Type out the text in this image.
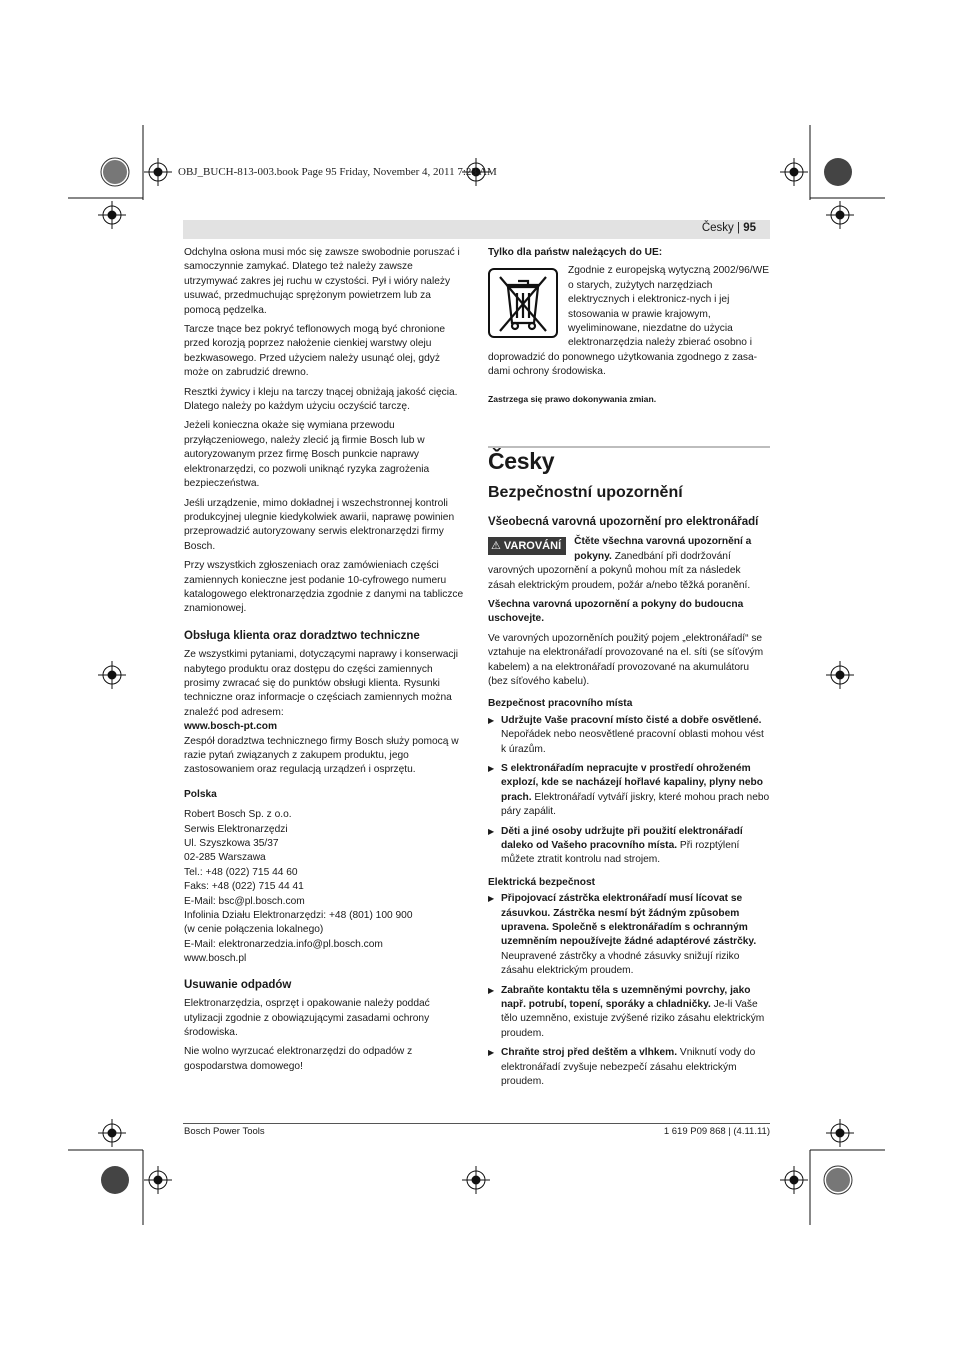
OBJ_BUCH-813-003.book Page 95 Friday, November 4, 2011 7:23 AM
Česky | 95

Odchylna osłona musi móc się zawsze swobodnie poruszać i samoczynnie zamykać. Dlatego też należy zawsze utrzymywać zakres jej ruchu w czystości. Pył i wióry należy usuwać, przedmuchując sprężonym powietrzem lub za pomocą pędzelka.

Tarcze tnące bez pokryć teflonowych mogą być chronione przed korozją poprzez nałożenie cienkiej warstwy oleju bezkwasowego. Przed użyciem należy usunąć olej, gdyż może on zabrudzić drewno.

Resztki żywicy i kleju na tarczy tnącej obniżają jakość cięcia. Dlatego należy po każdym użyciu oczyścić tarczę.

Jeżeli konieczna okaże się wymiana przewodu przyłączeniowego, należy zlecić ją firmie Bosch lub w autoryzowanym przez firmę Bosch punkcie naprawy elektronarzędzi, co pozwoli uniknąć ryzyka zagrożenia bezpieczeństwa.

Jeśli urządzenie, mimo dokładnej i wszechstronnej kontroli produkcyjnej ulegnie kiedykolwiek awarii, naprawę powinien przeprowadzić autoryzowany serwis elektronarzędzi firmy Bosch.

Przy wszystkich zgłoszeniach oraz zamówieniach części zamiennych konieczne jest podanie 10-cyfrowego numeru katalogowego elektronarzędzia zgodnie z danymi na tabliczce znamionowej.

Obsługa klienta oraz doradztwo techniczne

Ze wszystkimi pytaniami, dotyczącymi naprawy i konserwacji nabytego produktu oraz dostępu do części zamiennych prosimy zwracać się do punktów obsługi klienta. Rysunki techniczne oraz informacje o częściach zamiennych można znaleźć pod adresem:

www.bosch-pt.com

Zespół doradztwa technicznego firmy Bosch służy pomocą w razie pytań związanych z zakupem produktu, jego zastosowaniem oraz regulacją urządzeń i osprzętu.

Polska
Robert Bosch Sp. z o.o.
Serwis Elektronarzędzi
Ul. Szyszkowa 35/37
02-285 Warszawa
Tel.: +48 (022) 715 44 60
Faks: +48 (022) 715 44 41
E-Mail: bsc@pl.bosch.com
Infolinia Działu Elektronarzędzi: +48 (801) 100 900
(w cenie połączenia lokalnego)
E-Mail: elektronarzedzia.info@pl.bosch.com
www.bosch.pl
Usuwanie odpadów

Elektronarzędzia, osprzęt i opakowanie należy poddać utylizacji zgodnie z obowiązującymi zasadami ochrony środowiska.

Nie wolno wyrzucać elektronarzędzi do odpadów z gospodarstwa domowego!

Tylko dla państw należących do UE:
Zgodnie z europejską wytyczną 2002/96/WE o starych, zużytych narzędziach elektrycznych i elektronicz-nych i jej stosowania w prawie krajowym, wyeliminowane, niezdatne do użycia elektronarzędzia należy zbierać osobno i
doprowadzić do ponownego użytkowania zgodnego z zasa-dami ochrony środowiska.
Zastrzega się prawo dokonywania zmian.
Česky
Bezpečnostní upozornění
Všeobecná varovná upozornění pro elektronářadí
⚠ VAROVÁNÍ	Čtěte všechna varovná upozornění a pokyny. Zanedbání při dodržování varovných upozornění a pokynů mohou mít za následek zásah elektrickým proudem, požár a/nebo těžká poranění.

Všechna varovná upozornění a pokyny do budoucna uschovejte.

Ve varovných upozorněních použitý pojem „elektronářadí“ se vztahuje na elektronářadí provozované na el. síti (se síťovým kabelem) a na elektronářadí provozované na akumulátoru (bez síťového kabelu).

Bezpečnost pracovního místa
▶ Udržujte Vaše pracovní místo čisté a dobře osvětlené. Nepořádek nebo neosvětlené pracovní oblasti mohou vést k úrazům.
▶ S elektronářadím nepracujte v prostředí ohroženém explozí, kde se nacházejí hořlavé kapaliny, plyny nebo prach. Elektronářadí vytváří jiskry, které mohou prach nebo páry zapálit.
▶ Děti a jiné osoby udržujte při použití elektronářadí daleko od Vašeho pracovního místa. Při rozptýlení můžete ztratit kontrolu nad strojem.
Elektrická bezpečnost
▶ Připojovací zástrčka elektronářadí musí lícovat se zásuvkou. Zástrčka nesmí být žádným způsobem upravena. Společně s elektronářadím s ochranným uzemněním nepoužívejte žádné adaptérové zástrčky. Neupravené zástrčky a vhodné zásuvky snižují riziko zásahu elektrickým proudem.
▶ Zabraňte kontaktu těla s uzemněnými povrchy, jako např. potrubí, topení, sporáky a chladničky. Je-li Vaše tělo uzemněno, existuje zvýšené riziko zásahu elektrickým proudem.
▶ Chraňte stroj před deštěm a vlhkem. Vniknutí vody do elektronářadí zvyšuje nebezpečí zásahu elektrickým proudem.
Bosch Power Tools	1 619 P09 868 | (4.11.11)
